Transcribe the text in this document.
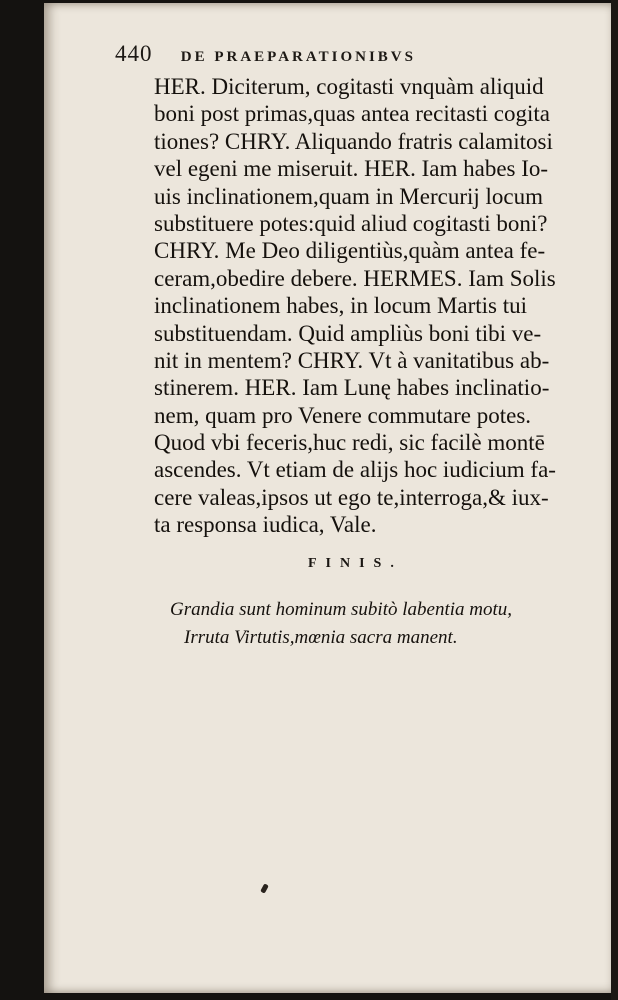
440 DE PRAEPARATIONIBVS
HER. Diciterum, cogitasti vnquàm aliquid
boni post primas,quas antea recitasti cogita
tiones? CHRY. Aliquando fratris calamitosi
vel egeni me miseruit. HER. Iam habes Io-
uis inclinationem,quam in Mercurij locum
substituere potes:quid aliud cogitasti boni?
CHRY. Me Deo diligentiùs,quàm antea fe-
ceram,obedire debere. HERMES. Iam Solis
inclinationem habes, in locum Martis tui
substituendam. Quid ampliùs boni tibi ve-
nit in mentem? CHRY. Vt à vanitatibus ab-
stinerem. HER. Iam Lunę habes inclinatio-
nem, quam pro Venere commutare potes.
Quod vbi feceris,huc redi, sic facilè montē
ascendes. Vt etiam de alijs hoc iudicium fa-
cere valeas,ipsos ut ego te,interroga,& iux-
ta responsa iudica, Vale.
FINIS.
Grandia sunt hominum subitò labentia motu,
Irruta Virtutis,mœnia sacra manent.
